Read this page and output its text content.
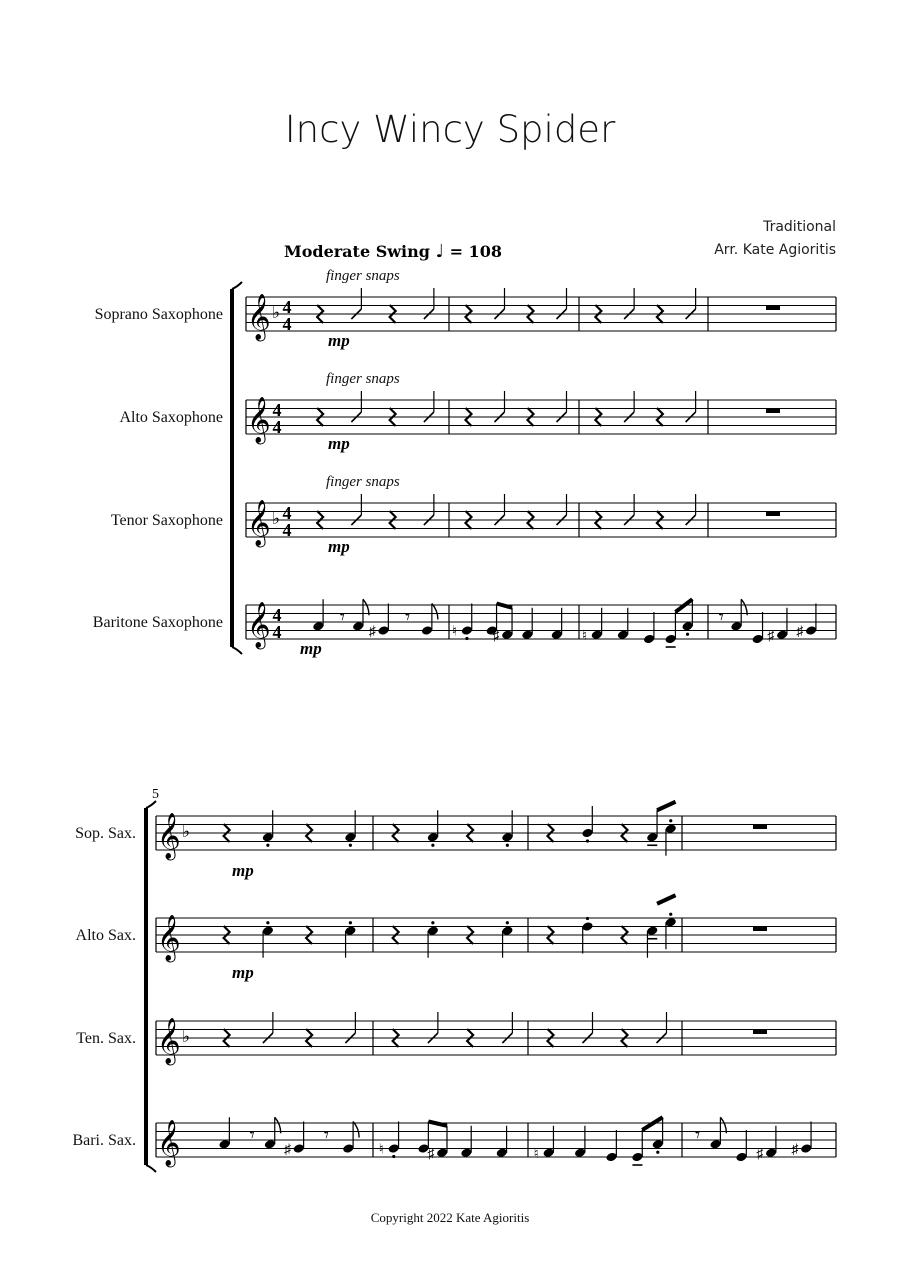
Incy Wincy Spider
Traditional
Arr. Kate Agioritis
Moderate Swing ♩ = 108
Soprano Saxophone 𝄞 ♭ 4
4
finger snaps
mp
Alto Saxophone 𝄞 4
4
finger snaps
mp
Tenor Saxophone 𝄞 ♭ 4
4
finger snaps
mp
Baritone Saxophone 𝄞 4
4
𝄾
♯
𝄾
♮	♯	♮
𝄾
♯ ♯
mp
5
Sop. Sax. 𝄞 ♭
mp
Alto Sax. 𝄞
mp
Ten. Sax. 𝄞 ♭
Bari. Sax. 𝄞	𝄾
♯
𝄾
♮	♯	♮
𝄾
♯ ♯
Copyright 2022 Kate Agioritis
